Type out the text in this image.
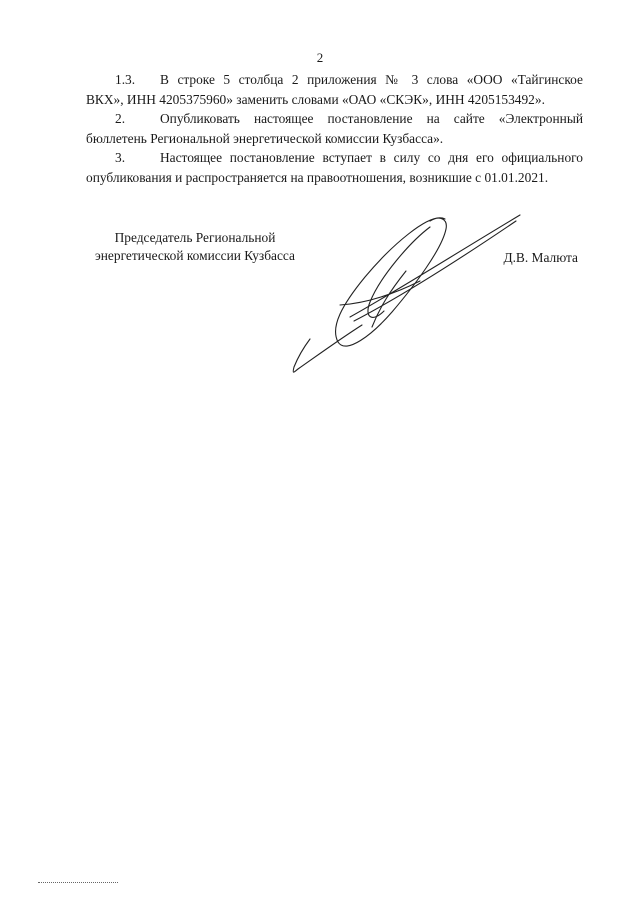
2

1.3. В строке 5 столбца 2 приложения № 3 слова «ООО «Тайгинское
ВКХ», ИНН 4205375960» заменить словами «ОАО «СКЭК», ИНН 4205153492».

2.	Опубликовать настоящее постановление на сайте «Электронный
бюллетень Региональной энергетической комиссии Кузбасса».

3.	Настоящее постановление вступает в силу со дня его официального
опубликования и распространяется на правоотношения, возникшие с 01.01.2021.

Председатель Региональной
энергетической комиссии Кузбасса	Д.В. Малюта
